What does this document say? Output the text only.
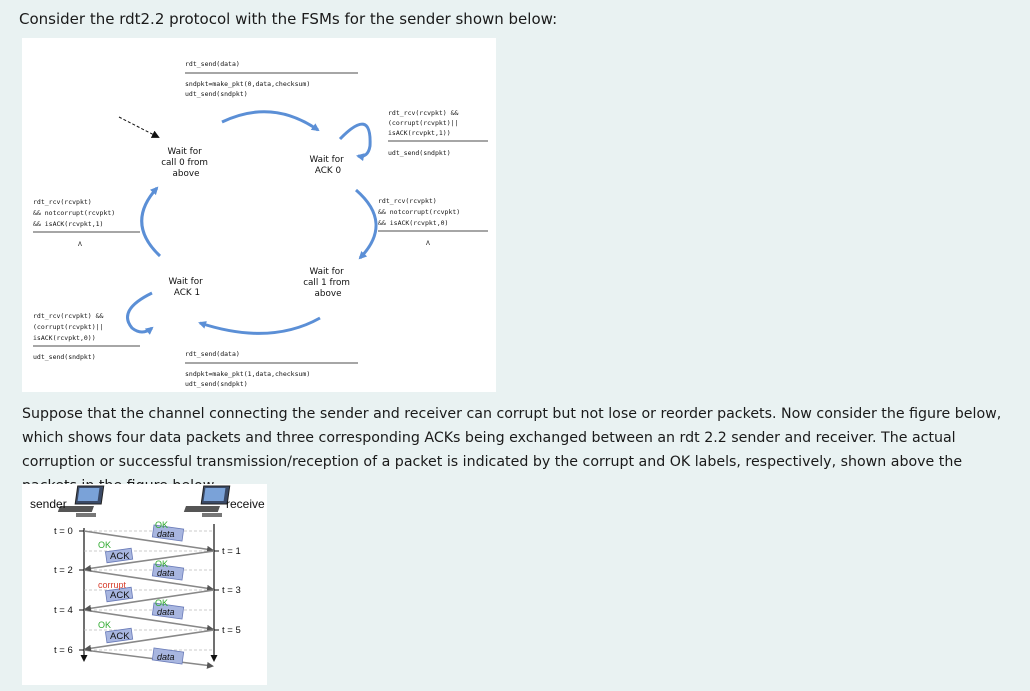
Consider the rdt2.2 protocol with the FSMs for the sender shown below:
Wait for call 0 from above
Wait for ACK 0
Wait for call 1 from above
Wait for ACK 1
rdt_send(data)
sndpkt=make_pkt(0,data,checksum) udt_send(sndpkt)
rdt_rcv(rcvpkt) && (corrupt(rcvpkt)|| isACK(rcvpkt,1))
udt_send(sndpkt)
rdt_rcv(rcvpkt) && notcorrupt(rcvpkt) && isACK(rcvpkt,0)
Λ
rdt_rcv(rcvpkt) && notcorrupt(rcvpkt) && isACK(rcvpkt,1)
Λ
rdt_rcv(rcvpkt) && (corrupt(rcvpkt)|| isACK(rcvpkt,0))
udt_send(sndpkt)	rdt_send(data)
sndpkt=make_pkt(1,data,checksum) udt_send(sndpkt)

Suppose that the channel connecting the sender and receiver can corrupt but not lose or reorder packets. Now consider the figure below, which shows four data packets and three corresponding ACKs being exchanged between an rdt 2.2 sender and receiver. The actual corruption or successful transmission/reception of a packet is indicated by the corrupt and OK labels, respectively, shown above the

sender	receive
t = 0
t = 2
t = 4
t = 6
t = 1
t = 3
t = 5
data
OK
data
OK
data
OK
data
ACK
OK
ACK
corrupt
ACK
OK
